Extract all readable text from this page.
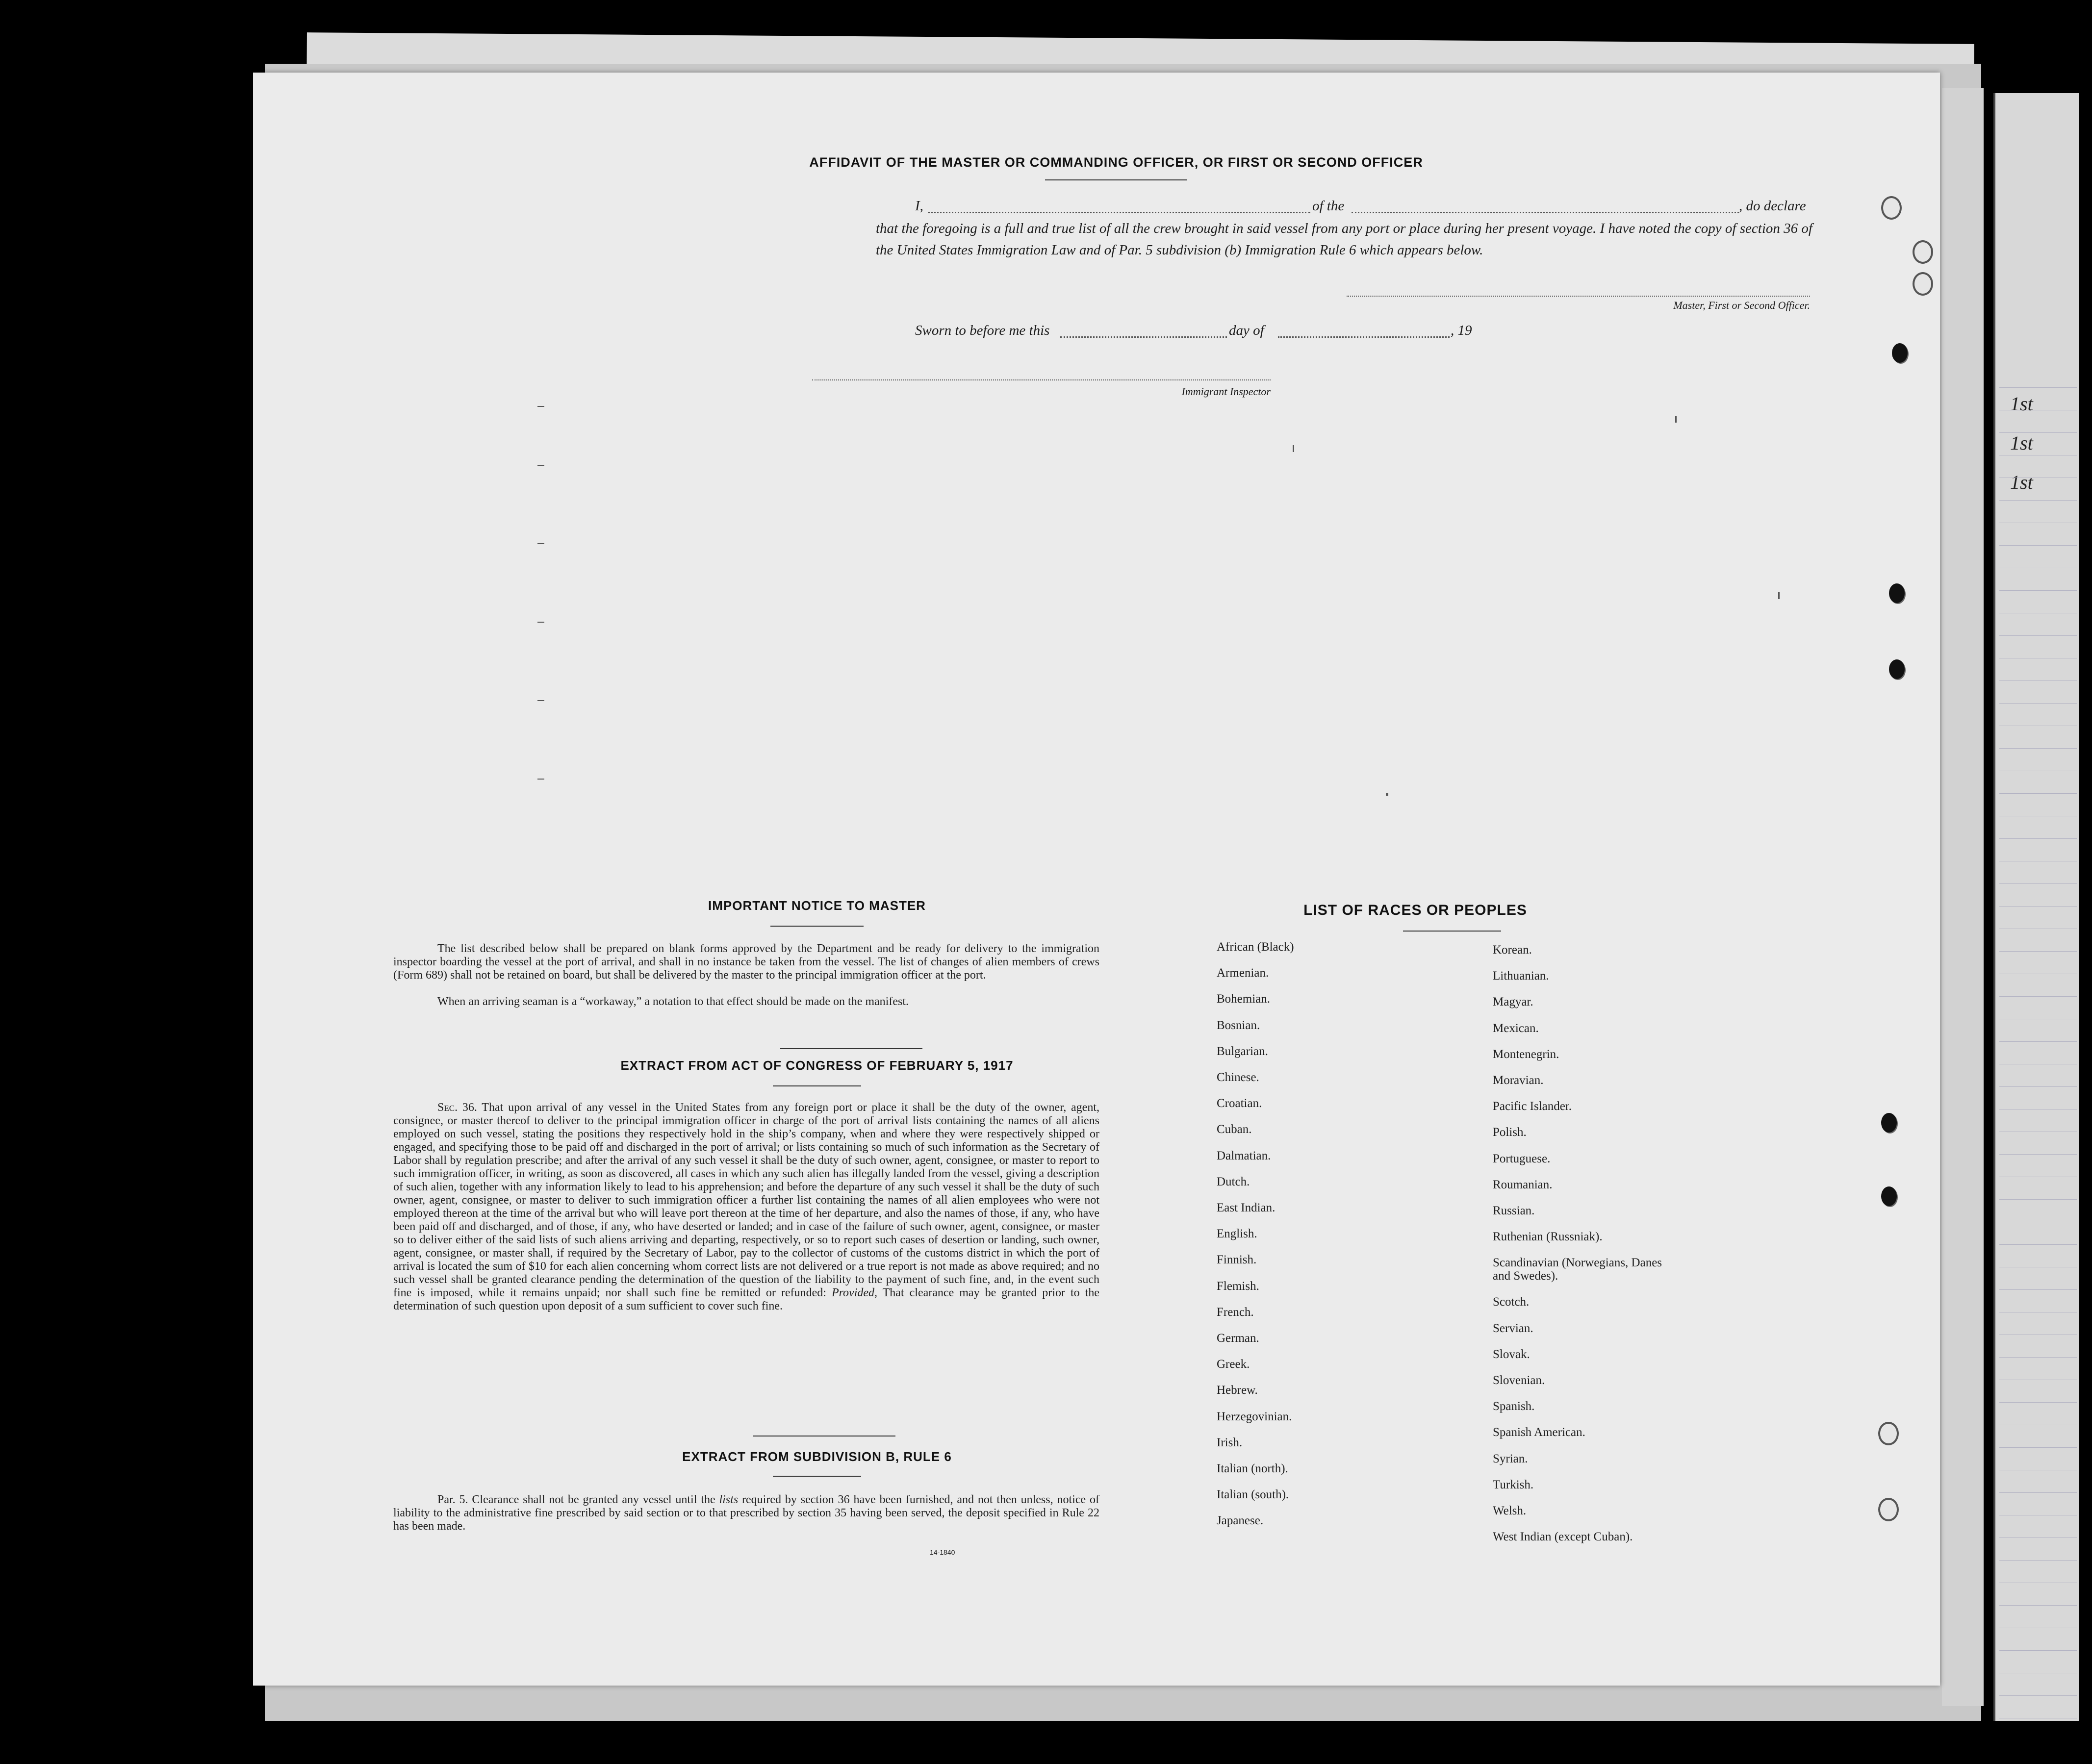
1st
1st
1st
AFFIDAVIT OF THE MASTER OR COMMANDING OFFICER, OR FIRST OR SECOND OFFICER
I,	of the	, do declare
that the foregoing is a full and true list of all the crew brought in said vessel from any port or place during her present voyage. I have noted the copy of section 36 of the United States Immigration Law and of Par. 5 subdivision (b) Immigration Rule 6 which appears below.
Master, First or Second Officer.
Sworn to before me this	day of	, 19
Immigrant Inspector
IMPORTANT NOTICE TO MASTER
The list described below shall be prepared on blank forms approved by the Department and be ready for delivery to the immigration inspector boarding the vessel at the port of arrival, and shall in no instance be taken from the vessel. The list of changes of alien members of crews (Form 689) shall not be retained on board, but shall be delivered by the master to the principal immigration officer at the port.
When an arriving seaman is a “workaway,” a notation to that effect should be made on the manifest.
EXTRACT FROM ACT OF CONGRESS OF FEBRUARY 5, 1917
Sec. 36. That upon arrival of any vessel in the United States from any foreign port or place it shall be the duty of the owner, agent, consignee, or master thereof to deliver to the principal immigration officer in charge of the port of arrival lists containing the names of all aliens employed on such vessel, stating the positions they respectively hold in the ship’s company, when and where they were respectively shipped or engaged, and specifying those to be paid off and discharged in the port of arrival; or lists containing so much of such information as the Secretary of Labor shall by regulation prescribe; and after the arrival of any such vessel it shall be the duty of such owner, agent, consignee, or master to report to such immigration officer, in writing, as soon as discovered, all cases in which any such alien has illegally landed from the vessel, giving a description of such alien, together with any information likely to lead to his apprehension; and before the departure of any such vessel it shall be the duty of such owner, agent, consignee, or master to deliver to such immigration officer a further list containing the names of all alien employees who were not employed thereon at the time of the arrival but who will leave port thereon at the time of her departure, and also the names of those, if any, who have been paid off and discharged, and of those, if any, who have deserted or landed; and in case of the failure of such owner, agent, consignee, or master so to deliver either of the said lists of such aliens arriving and departing, respectively, or so to report such cases of desertion or landing, such owner, agent, consignee, or master shall, if required by the Secretary of Labor, pay to the collector of customs of the customs district in which the port of arrival is located the sum of $10 for each alien concerning whom correct lists are not delivered or a true report is not made as above required; and no such vessel shall be granted clearance pending the determination of the question of the liability to the payment of such fine, and, in the event such fine is imposed, while it remains unpaid; nor shall such fine be remitted or refunded: Provided, That clearance may be granted prior to the determination of such question upon deposit of a sum sufficient to cover such fine.
EXTRACT FROM SUBDIVISION B, RULE 6
Par. 5. Clearance shall not be granted any vessel until the lists required by section 36 have been furnished, and not then unless, notice of liability to the administrative fine prescribed by said section or to that prescribed by section 35 having been served, the deposit specified in Rule 22 has been made.
14-1840
LIST OF RACES OR PEOPLES
African (Black)
Armenian.
Bohemian.
Bosnian.
Bulgarian.
Chinese.
Croatian.
Cuban.
Dalmatian.
Dutch.
East Indian.
English.
Finnish.
Flemish.
French.
German.
Greek.
Hebrew.
Herzegovinian.
Irish.
Italian (north).
Italian (south).
Japanese.
Korean.
Lithuanian.
Magyar.
Mexican.
Montenegrin.
Moravian.
Pacific Islander.
Polish.
Portuguese.
Roumanian.
Russian.
Ruthenian (Russniak).
Scandinavian (Norwegians, Danes and Swedes).
Scotch.
Servian.
Slovak.
Slovenian.
Spanish.
Spanish American.
Syrian.
Turkish.
Welsh.
West Indian (except Cuban).
